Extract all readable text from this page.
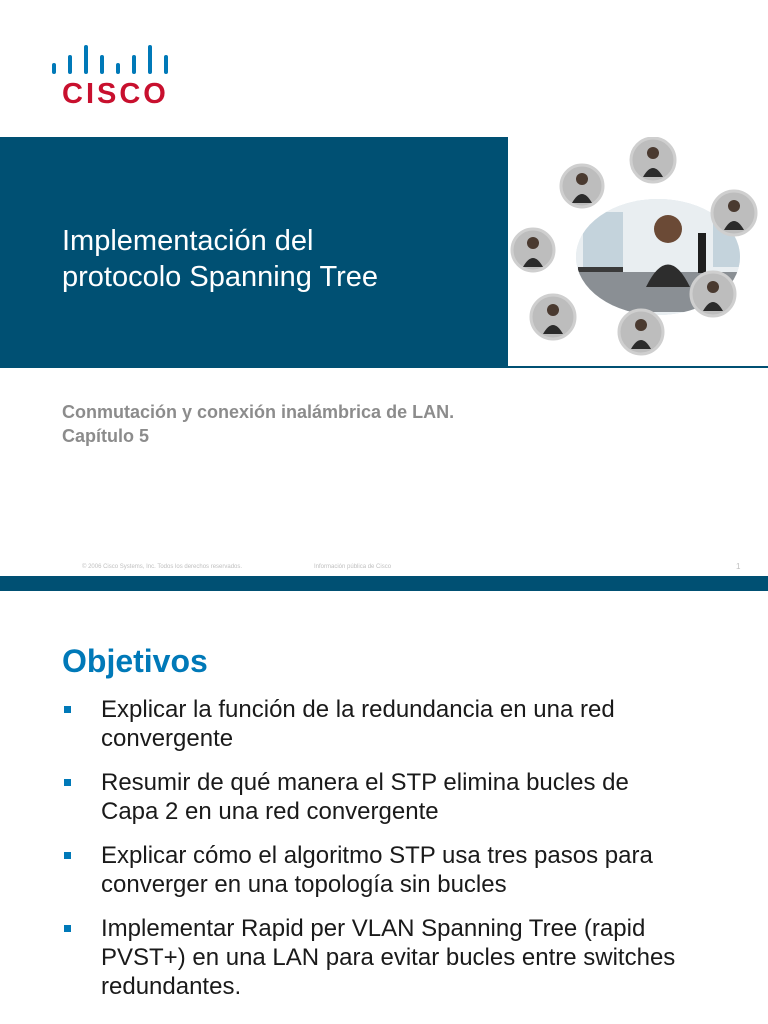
CISCO
Implementación del
protocolo Spanning Tree
Conmutación y conexión inalámbrica de LAN.
Capítulo 5
© 2006 Cisco Systems, Inc. Todos los derechos reservados.	Información pública de Cisco	1
Objetivos
Explicar la función de la redundancia en una red
convergente
Resumir de qué manera el STP elimina bucles de
Capa 2 en una red convergente
Explicar cómo el algoritmo STP usa tres pasos para
converger en una topología sin bucles
Implementar Rapid per VLAN Spanning Tree (rapid
PVST+) en una LAN para evitar bucles entre switches
redundantes.
